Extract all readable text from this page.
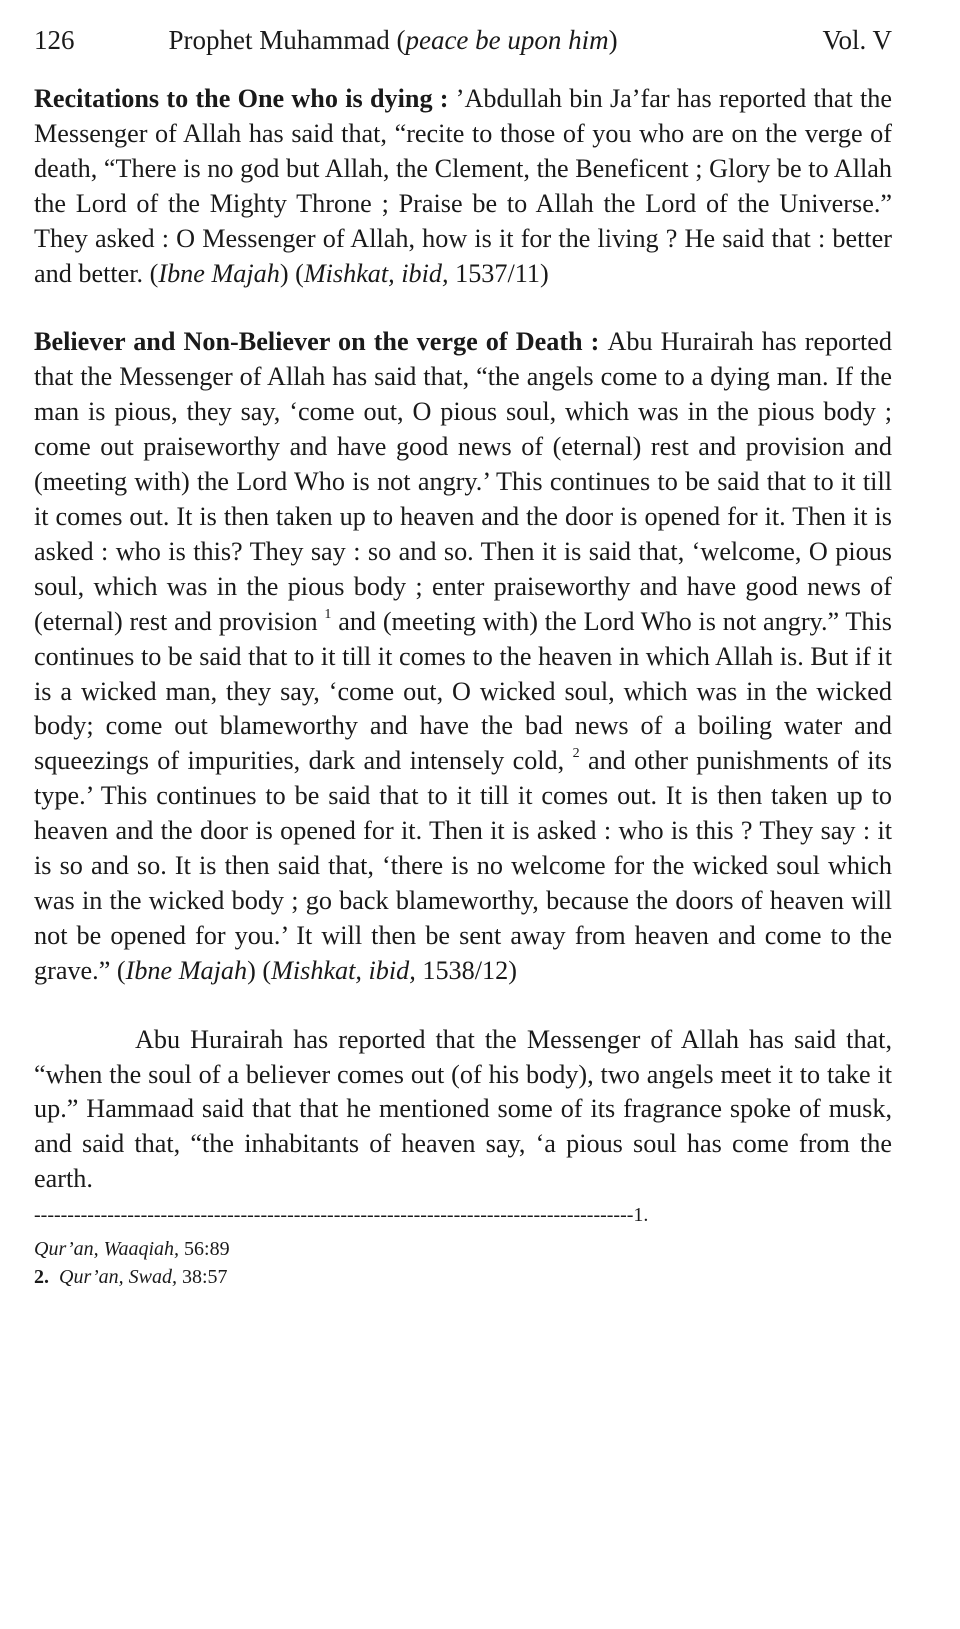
126	Prophet Muhammad (peace be upon him)	Vol. V

Recitations to the One who is dying : ’Abdullah bin Ja’far has reported that the Messenger of Allah has said that, “recite to those of you who are on the verge of death, “There is no god but Allah, the Clement, the Beneficent ; Glory be to Allah the Lord of the Mighty Throne ; Praise be to Allah the Lord of the Universe.” They asked : O Messenger of Allah, how is it for the living ? He said that : better and better. (Ibne Majah) (Mishkat, ibid, 1537/11)

Believer and Non-Believer on the verge of Death : Abu Hurairah has reported that the Messenger of Allah has said that, “the angels come to a dying man. If the man is pious, they say, ‘come out, O pious soul, which was in the pious body ; come out praiseworthy and have good news of (eternal) rest and provision and (meeting with) the Lord Who is not angry.’ This continues to be said that to it till it comes out. It is then taken up to heaven and the door is opened for it. Then it is asked : who is this? They say : so and so. Then it is said that, ‘welcome, O pious soul, which was in the pious body ; enter praiseworthy and have good news of (eternal) rest and provision $^1$ and (meeting with) the Lord Who is not angry.” This continues to be said that to it till it comes to the heaven in which Allah is. But if it is a wicked man, they say, ‘come out, O wicked soul, which was in the wicked body; come out blameworthy and have the bad news of a boiling water and squeezings of impurities, dark and intensely cold, $^2$ and other punishments of its type.’ This continues to be said that to it till it comes out. It is then taken up to heaven and the door is opened for it. Then it is asked : who is this ? They say : it is so and so. It is then said that, ‘there is no welcome for the wicked soul which was in the wicked body ; go back blameworthy, because the doors of heaven will not be opened for you.’ It will then be sent away from heaven and come to the grave.” (Ibne Majah) (Mishkat, ibid, 1538/12)

Abu Hurairah has reported that the Messenger of Allah has said that, “when the soul of a believer comes out (of his body), two angels meet it to take it up.” Hammaad said that that he mentioned some of its fragrance spoke of musk, and said that, “the inhabitants of heaven say, ‘a pious soul has come from the earth.

------------------------------------------------------------------------------------------1.
Qur’an, Waaqiah, 56:89
2. Qur’an, Swad, 38:57
